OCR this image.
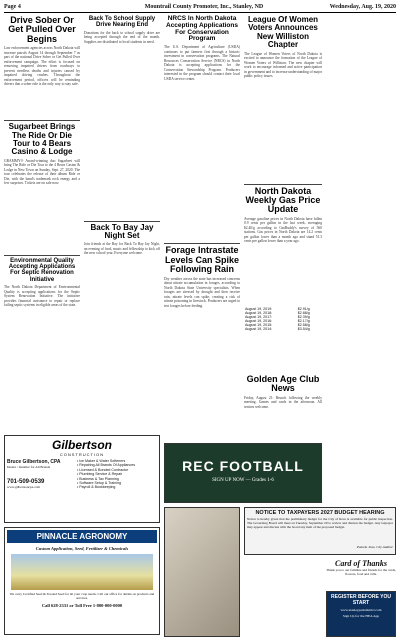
Page 4	Mountrail County Promoter, Inc., Stanley, ND	Wednesday, Aug. 19, 2020
Drive Sober Or Get Pulled Over Begins
Law enforcement agencies across North Dakota will increase patrols August 14 through September 7 as part of the national Drive Sober or Get Pulled Over enforcement campaign. The effort is focused on removing impaired drivers from roadways to prevent needless deaths and injuries caused by impaired driving crashes. Throughout the enforcement period, officers will be reminding drivers that a sober ride is the only way to stay safe.
Sugarbeet Brings The Ride Or Die Tour to 4 Bears Casino & Lodge
GRAMMY® Award-winning duo Sugarbeet will bring The Ride or Die Tour to the 4 Bears Casino & Lodge in New Town on Sunday, Sept. 27, 2020. The tour celebrates the release of their album Ride or Die, with the band's trademark rock energy and a few surprises. Tickets are on sale now.
Environmental Quality Accepting Applications For Septic Renovation Initiative
The North Dakota Department of Environmental Quality is accepting applications for the Septic System Renovation Initiative. The initiative provides financial assistance to repair or replace failing septic systems in eligible areas of the state.
Back To School Supply Drive Nearing End
Donations for the back to school supply drive are being accepted through the end of the month. Supplies are distributed to local students in need.
Back To Bay Jay Night Set
Join friends at the Bay for Back To Bay Jay Night, an evening of food, music and fellowship to kick off the new school year. Everyone welcome.
Gilbertson
CONSTRUCTION
Bruce Gilbertson, CPA
Dealer / Installer for All Brands
701-509-0539
www.gilbertsoncpa.com
• Ice Maker & Water Softeners
• Repairing All Brands Of Appliances
• Licensed & Bonded Contractor
• Plumbing Service & Repair
• Business & Tax Planning
• Software Setup & Training
• Payroll & Bookkeeping
PINNACLE AGRONOMY
Custom Application, Seed, Fertilizer & Chemicals
We carry Certified Seed & Treated Seed for all your crop needs. Call our office for details on products and services.
Call 628-2331 or Toll Free 1-800-000-0000
NRCS In North Dakota Accepting Applications For Conservation Program
The U.S. Department of Agriculture (USDA) continues to put farmers first through a historic investment in conservation programs. The Natural Resources Conservation Service (NRCS) in North Dakota is accepting applications for the Conservation Stewardship Program. Producers interested in the program should contact their local USDA service center.
Forage Intrastate Levels Can Spike Following Rain
Dry weather across the state has increased concerns about nitrate accumulation in forages, according to North Dakota State University specialists. When forages are stressed by drought and then receive rain, nitrate levels can spike, creating a risk of nitrate poisoning in livestock. Producers are urged to test forages before feeding.
League Of Women Voters Announces New Williston Chapter
The League of Women Voters of North Dakota is excited to announce the formation of the League of Women Voters of Williston. The new chapter will work to encourage informed and active participation in government and to increase understanding of major public policy issues.
North Dakota Weekly Gas Price Update
Average gasoline prices in North Dakota have fallen 0.9 cents per gallon in the last week, averaging $2.40/g according to GasBuddy's survey of 560 stations. Gas prices in North Dakota are 14.2 cents per gallon lower than a month ago and stand 51.3 cents per gallon lower than a year ago.
August 19, 2019:	$2.91/g
August 19, 2018:	$2.88/g
August 19, 2017:	$2.39/g
August 19, 2016:	$2.17/g
August 19, 2015:	$2.58/g
August 19, 2014:	$3.54/g
Golden Age Club News
Friday, August 21: Brunch following the weekly meeting. Games and cards in the afternoon. All seniors welcome.
REC FOOTBALL
SIGN UP NOW — Grades 1-6
NOTICE TO TAXPAYERS 2027 BUDGET HEARING
Notice is hereby given that the preliminary budget for the City of Ross is available for public inspection. The Governing Board will meet on Tuesday, September 29 to review and discuss the budget. Any taxpayer may appear and discuss with the board any item of the proposed budget.
Pamela Jean, City Auditor
Card of Thanks
Thank you to our families and friends for the cards, flowers, food and calls.
REGISTER BEFORE YOU START
www.stanleyparkdistrict.com
Sign Up for the HEA App
